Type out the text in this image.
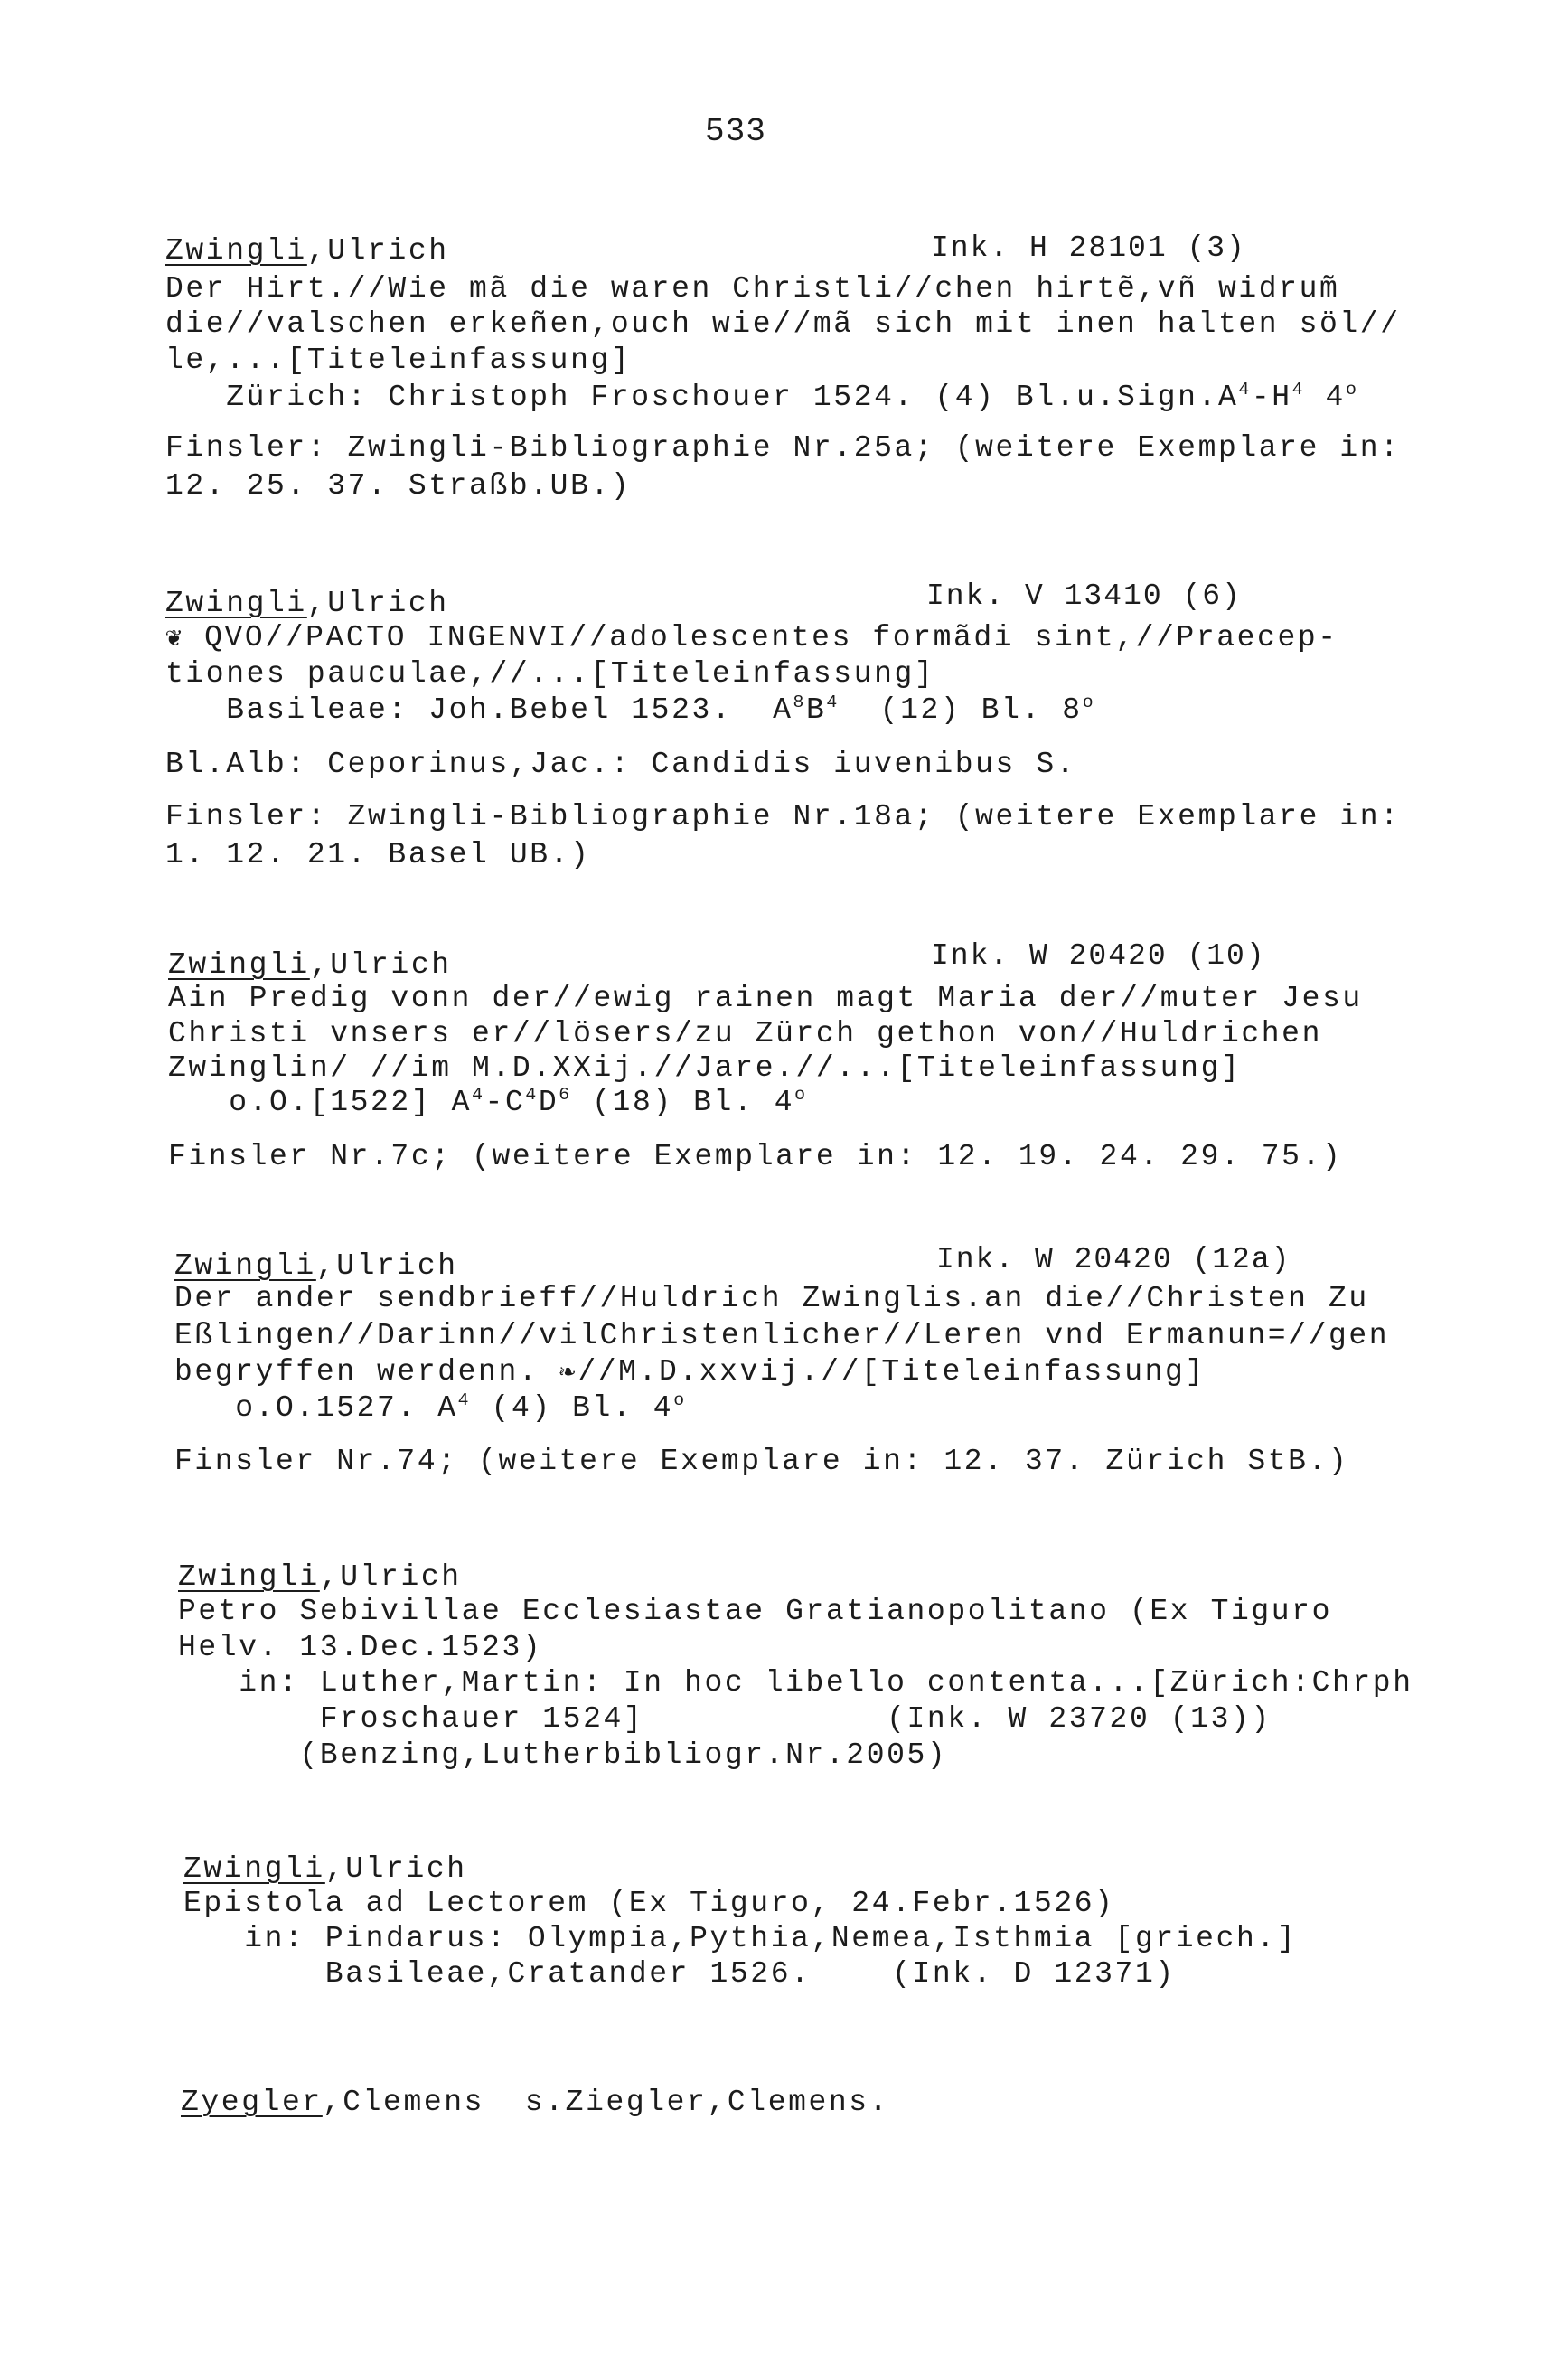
533
Zwingli,Ulrich	Ink. H 28101 (3)
Der Hirt.//Wie mã die waren Christli//chen hirtẽ,vñ widrum̃
die//valschen erkeñen,ouch wie//mã sich mit inen halten söl//
le,...[Titeleinfassung]
Zürich: Christoph Froschouer 1524. (4) $Bl.u.Sign.A^4-H^4$ 4$^o$
Finsler: Zwingli-Bibliographie Nr.25a; (weitere Exemplare in:
12. 25. 37. Straßb.UB.)
Zwingli,Ulrich	Ink. V 13410 (6)
❦ QVO//PACTO INGENVI//adolescentes formãdi sint,//Praecep-
tiones pauculae,//...[Titeleinfassung]
Basileae: Joh.Bebel 1523.  $A^8B^4$  (12) Bl. 8$^o$
Bl.Alb: Ceporinus,Jac.: Candidis iuvenibus S.
Finsler: Zwingli-Bibliographie Nr.18a; (weitere Exemplare in:
1. 12. 21. Basel UB.)
Zwingli,Ulrich	Ink. W 20420 (10)
Ain Predig vonn der//ewig rainen magt Maria der//muter Jesu
Christi vnsers er//lösers/zu Zürch gethon von//Huldrichen
Zwinglin/ //im M.D.XXij.//Jare.//...[Titeleinfassung]
o.O.[1522] $A^4-C^4D^6$ (18) Bl. 4$^o$
Finsler Nr.7c; (weitere Exemplare in: 12. 19. 24. 29. 75.)
Zwingli,Ulrich	Ink. W 20420 (12a)
Der ander sendbrieff//Huldrich Zwinglis.an die//Christen Zu
Eßlingen//Darinn//vilChristenlicher//Leren vnd Ermanun=//gen
begryffen werdenn. ❧//M.D.xxvij.//[Titeleinfassung]
o.O.1527. $A^4$ (4) Bl. 4$^o$
Finsler Nr.74; (weitere Exemplare in: 12. 37. Zürich StB.)
Zwingli,Ulrich
Petro Sebivillae Ecclesiastae Gratianopolitano (Ex Tiguro
Helv. 13.Dec.1523)
in: Luther,Martin: In hoc libello contenta...[Zürich:Chrph
Froschauer 1524]            (Ink. W 23720 (13))
(Benzing,Lutherbibliogr.Nr.2005)
Zwingli,Ulrich
Epistola ad Lectorem (Ex Tiguro, 24.Febr.1526)
in: Pindarus: Olympia,Pythia,Nemea,Isthmia [griech.]
Basileae,Cratander 1526.    (Ink. D 12371)
Zyegler,Clemens  s.Ziegler,Clemens.
